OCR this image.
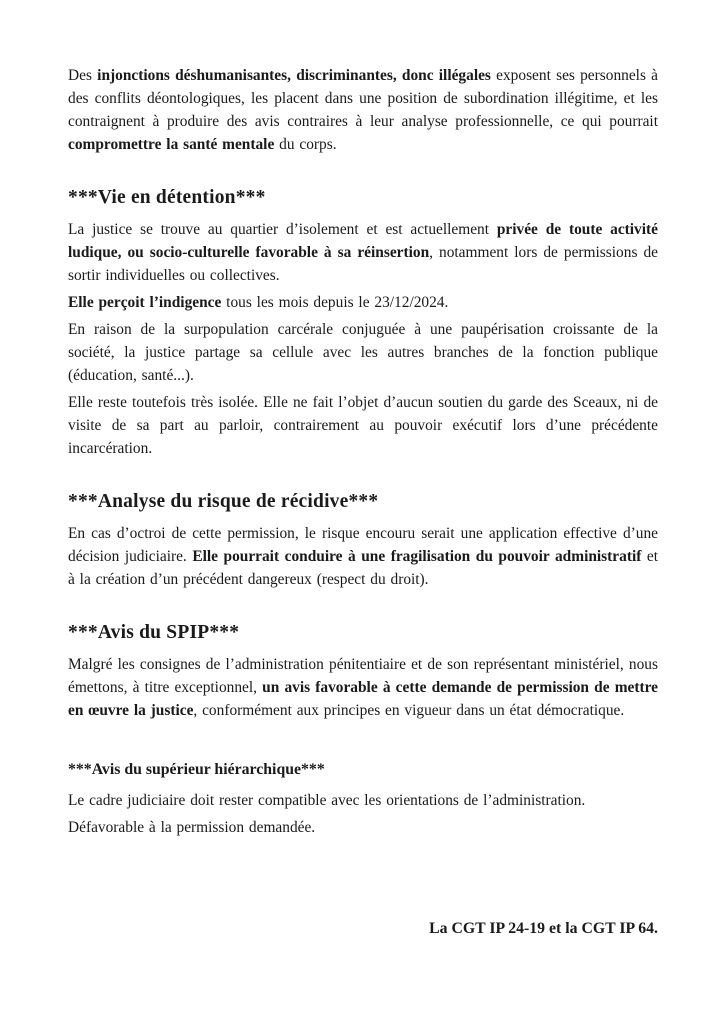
Des injonctions déshumanisantes, discriminantes, donc illégales exposent ses personnels à des conflits déontologiques, les placent dans une position de subordination illégitime, et les contraignent à produire des avis contraires à leur analyse professionnelle, ce qui pourrait compromettre la santé mentale du corps.

***Vie en détention***

La justice se trouve au quartier d’isolement et est actuellement privée de toute activité ludique, ou socio-culturelle favorable à sa réinsertion, notamment lors de permissions de sortir individuelles ou collectives.

Elle perçoit l’indigence tous les mois depuis le 23/12/2024.

En raison de la surpopulation carcérale conjuguée à une paupérisation croissante de la société, la justice partage sa cellule avec les autres branches de la fonction publique (éducation, santé...).

Elle reste toutefois très isolée. Elle ne fait l’objet d’aucun soutien du garde des Sceaux, ni de visite de sa part au parloir, contrairement au pouvoir exécutif lors d’une précédente incarcération.

***Analyse du risque de récidive***

En cas d’octroi de cette permission, le risque encouru serait une application effective d’une décision judiciaire. Elle pourrait conduire à une fragilisation du pouvoir administratif et à la création d’un précédent dangereux (respect du droit).

***Avis du SPIP***

Malgré les consignes de l’administration pénitentiaire et de son représentant ministériel, nous émettons, à titre exceptionnel, un avis favorable à cette demande de permission de mettre en œuvre la justice, conformément aux principes en vigueur dans un état démocratique.

***Avis du supérieur hiérarchique***

Le cadre judiciaire doit rester compatible avec les orientations de l’administration.

Défavorable à la permission demandée.

La CGT IP 24-19 et la CGT IP 64.
